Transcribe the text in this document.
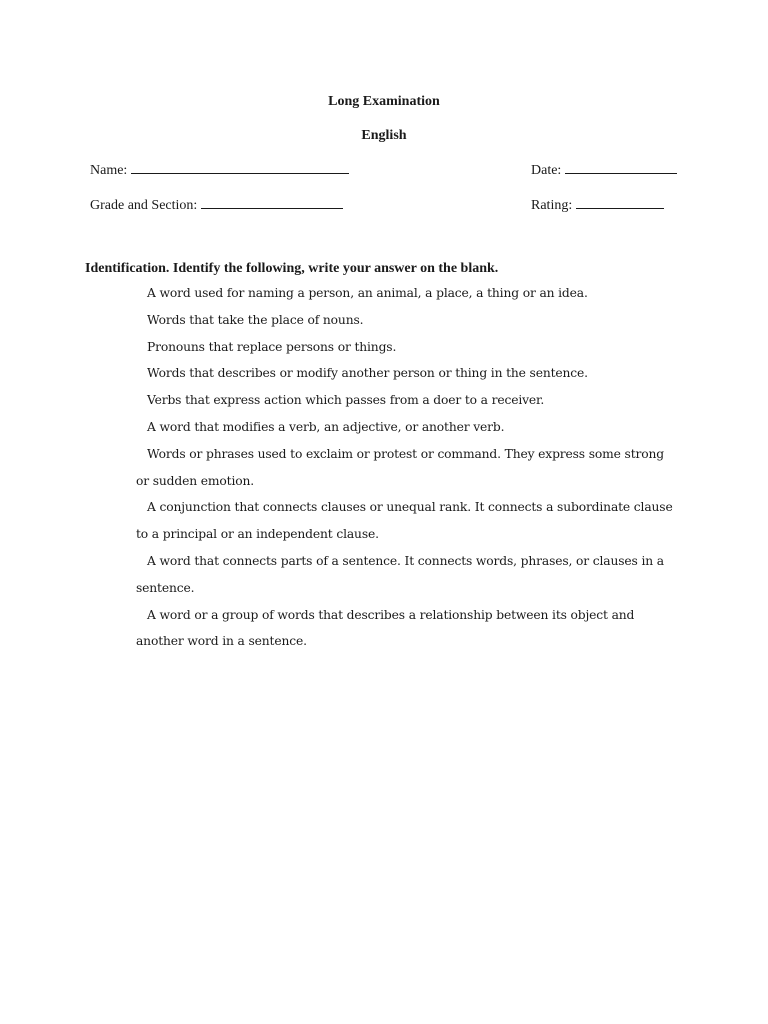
Long Examination
English
Name:	Date:
Grade and Section:	Rating:
Identification. Identify the following, write your answer on the blank.
A word used for naming a person, an animal, a place, a thing or an idea.
Words that take the place of nouns.
Pronouns that replace persons or things.
Words that describes or modify another person or thing in the sentence.
Verbs that express action which passes from a doer to a receiver.
A word that modifies a verb, an adjective, or another verb.
Words or phrases used to exclaim or protest or command. They express some strong or sudden emotion.
A conjunction that connects clauses or unequal rank. It connects a subordinate clause to a principal or an independent clause.
A word that connects parts of a sentence. It connects words, phrases, or clauses in a sentence.
A word or a group of words that describes a relationship between its object and another word in a sentence.
